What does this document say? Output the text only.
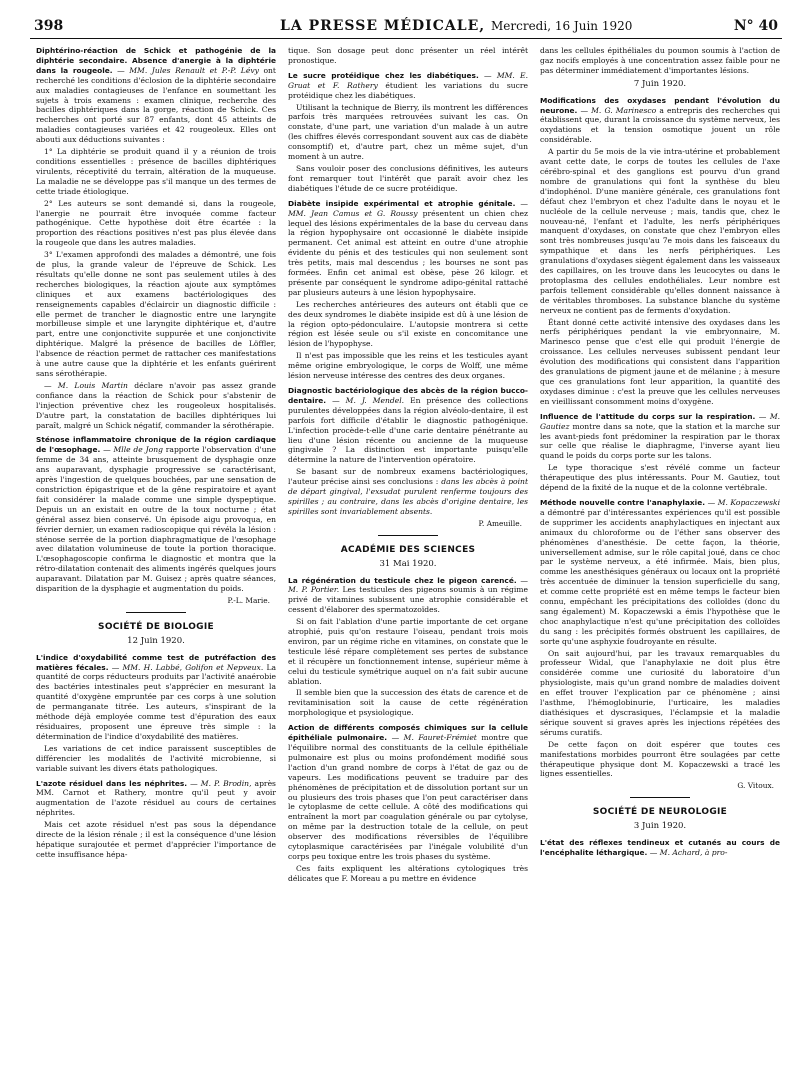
398	LA PRESSE MÉDICALE, Mercredi, 16 Juin 1920	N° 40

Diphtérino-réaction de Schick et pathogénie de la diphtérie secondaire. Absence d'anergie à la diphtérie dans la rougeole. — MM. Jules Renault et P.-P. Lévy ont recherché les conditions d'éclosion de la diphtérie secondaire aux maladies contagieuses de l'enfance en soumettant les sujets à trois examens : examen clinique, recherche des bacilles diphtériques dans la gorge, réaction de Schick. Ces recherches ont porté sur 87 enfants, dont 45 atteints de maladies contagieuses variées et 42 rougeoleux. Elles ont abouti aux déductions suivantes :

1° La diphtérie se produit quand il y a réunion de trois conditions essentielles : présence de bacilles diphtériques virulents, réceptivité du terrain, altération de la muqueuse. La maladie ne se développe pas s'il manque un des termes de cette triade étiologique.

2° Les auteurs se sont demandé si, dans la rougeole, l'anergie ne pourrait être invoquée comme facteur pathogénique. Cette hypothèse doit être écartée : la proportion des réactions positives n'est pas plus élevée dans la rougeole que dans les autres maladies.

3° L'examen approfondi des malades a démontré, une fois de plus, la grande valeur de l'épreuve de Schick. Les résultats qu'elle donne ne sont pas seulement utiles à des recherches biologiques, la réaction ajoute aux symptômes cliniques et aux examens bactériologiques des renseignements capables d'éclaircir un diagnostic difficile : elle permet de trancher le diagnostic entre une laryngite morbilleuse simple et une laryngite diphtérique et, d'autre part, entre une conjonctivite suppurée et une conjonctivite diphtérique. Malgré la présence de bacilles de Löffler, l'absence de réaction permet de rattacher ces manifestations à une autre cause que la diphtérie et les enfants guérirent sans sérothérapie.

— M. Louis Martin déclare n'avoir pas assez grande confiance dans la réaction de Schick pour s'abstenir de l'injection préventive chez les rougeoleux hospitalisés. D'autre part, la constatation de bacilles diphtériques lui paraît, malgré un Schick négatif, commander la sérothérapie.

Sténose inflammatoire chronique de la région cardiaque de l'œsophage. — Mlle de Jong rapporte l'observation d'une femme de 34 ans, atteinte brusquement de dysphagie onze ans auparavant, dysphagie progressive se caractérisant, après l'ingestion de quelques bouchées, par une sensation de constriction épigastrique et de la gêne respiratoire et ayant fait considérer la malade comme une simple dyspeptique. Depuis un an existait en outre de la toux nocturne ; état général assez bien conservé. Un épisode aigu provoqua, en février dernier, un examen radioscopique qui révéla la lésion : sténose serrée de la portion diaphragmatique de l'œsophage avec dilatation volumineuse de toute la portion thoracique. L'œsophagoscopie confirma le diagnostic et montra que la rétro-dilatation contenait des aliments ingérés quelques jours auparavant. Dilatation par M. Guisez ; après quatre séances, disparition de la dysphagie et augmentation du poids.

P.-L. Marie.
SOCIÉTÉ DE BIOLOGIE
12 Juin 1920.

L'indice d'oxydabilité comme test de putréfaction des matières fécales. — MM. H. Labbé, Golifon et Nepveux. La quantité de corps réducteurs produits par l'activité anaérobie des bactéries intestinales peut s'apprécier en mesurant la quantité d'oxygène empruntée par ces corps à une solution de permanganate titrée. Les auteurs, s'inspirant de la méthode déjà employée comme test d'épuration des eaux résiduaires, proposent une épreuve très simple : la détermination de l'indice d'oxydabilité des matières.

Les variations de cet indice paraissent susceptibles de différencier les modalités de l'activité microbienne, si variable suivant les divers états pathologiques.

L'azote résiduel dans les néphrites. — M. P. Brodin, après MM. Carnot et Rathery, montre qu'il peut y avoir augmentation de l'azote résiduel au cours de certaines néphrites.

Mais cet azote résiduel n'est pas sous la dépendance directe de la lésion rénale ; il est la conséquence d'une lésion hépatique surajoutée et permet d'apprécier l'importance de cette insuffisance hépa-

tique. Son dosage peut donc présenter un réel intérêt pronostique.

Le sucre protéidique chez les diabétiques. — MM. E. Gruat et F. Rathery étudient les variations du sucre protéidique chez les diabétiques.

Utilisant la technique de Bierry, ils montrent les différences parfois très marquées retrouvées suivant les cas. On constate, d'une part, une variation d'un malade à un autre (les chiffres élevés correspondant souvent aux cas de diabète consomptif) et, d'autre part, chez un même sujet, d'un moment à un autre.

Sans vouloir poser des conclusions définitives, les auteurs font remarquer tout l'intérêt que paraît avoir chez les diabétiques l'étude de ce sucre protéidique.

Diabète insipide expérimental et atrophie génitale. — MM. Jean Camus et G. Roussy présentent un chien chez lequel des lésions expérimentales de la base du cerveau dans la région hypophysaire ont occasionné le diabète insipide permanent. Cet animal est atteint en outre d'une atrophie évidente du pénis et des testicules qui non seulement sont très petits, mais mal descendus ; les bourses ne sont pas formées. Enfin cet animal est obèse, pèse 26 kilogr. et présente par conséquent le syndrome adipo-génital rattaché par plusieurs auteurs à une lésion hypophysaire.

Les recherches antérieures des auteurs ont établi que ce des deux syndromes le diabète insipide est dû à une lésion de la région opto-pédonculaire. L'autopsie montrera si cette région est lésée seule ou s'il existe en concomitance une lésion de l'hypophyse.

Il n'est pas impossible que les reins et les testicules ayant même origine embryologique, le corps de Wolff, une même lésion nerveuse intéresse des centres des deux organes.

Diagnostic bactériologique des abcès de la région bucco-dentaire. — M. J. Mendel. En présence des collections purulentes développées dans la région alvéolo-dentaire, il est parfois fort difficile d'établir le diagnostic pathogénique. L'infection procède-t-elle d'une carie dentaire pénétrante au lieu d'une lésion récente ou ancienne de la muqueuse gingivale ? La distinction est importante puisqu'elle détermine la nature de l'intervention opératoire.

Se basant sur de nombreux examens bactériologiques, l'auteur précise ainsi ses conclusions : dans les abcès à point de départ gingival, l'exsudat purulent renferme toujours des spirilles ; au contraire, dans les abcès d'origine dentaire, les spirilles sont invariablement absents.

P. Ameuille.
ACADÉMIE DES SCIENCES
31 Mai 1920.

La régénération du testicule chez le pigeon carencé. — M. P. Portier. Les testicules des pigeons soumis à un régime privé de vitamines subissent une atrophie considérable et cessent d'élaborer des spermatozoïdes.

Si on fait l'ablation d'une partie importante de cet organe atrophié, puis qu'on restaure l'oiseau, pendant trois mois environ, par un régime riche en vitamines, on constate que le testicule lésé répare complètement ses pertes de substance et il récupère un fonctionnement intense, supérieur même à celui du testicule symétrique auquel on n'a fait subir aucune ablation.

Il semble bien que la succession des états de carence et de revitaminisation soit la cause de cette régénération morphologique et psysiologique.

Action de différents composés chimiques sur la cellule épithéliale pulmonaire. — M. Fauret-Frémiet montre que l'équilibre normal des constituants de la cellule épithéliale pulmonaire est plus ou moins profondément modifié sous l'action d'un grand nombre de corps à l'état de gaz ou de vapeurs. Les modifications peuvent se traduire par des phénomènes de précipitation et de dissolution portant sur un ou plusieurs des trois phases que l'on peut caractériser dans le cytoplasme de cette cellule. A côté des modifications qui entraînent la mort par coagulation générale ou par cytolyse, on même par la destruction totale de la cellule, on peut observer des modifications réversibles de l'équilibre cytoplasmique caractérisées par l'inégale volubilité d'un corps peu toxique entre les trois phases du système.

Ces faits expliquent les altérations cytologiques très délicates que F. Moreau a pu mettre en évidence

dans les cellules épithéliales du poumon soumis à l'action de gaz nocifs employés à une concentration assez faible pour ne pas déterminer immédiatement d'importantes lésions.

7 Juin 1920.

Modifications des oxydases pendant l'évolution du neurone. — M. G. Marinesco a entrepris des recherches qui établissent que, durant la croissance du système nerveux, les oxydations et la tension osmotique jouent un rôle considérable.

A partir du 5e mois de la vie intra-utérine et probablement avant cette date, le corps de toutes les cellules de l'axe cérébro-spinal et des ganglions est pourvu d'un grand nombre de granulations qui font la synthèse du bleu d'indophénol. D'une manière générale, ces granulations font défaut chez l'embryon et chez l'adulte dans le noyau et le nucléole de la cellule nerveuse ; mais, tandis que, chez le nouveau-né, l'enfant et l'adulte, les nerfs périphériques manquent d'oxydases, on constate que chez l'embryon elles sont très nombreuses jusqu'au 7e mois dans les faisceaux du sympathique et dans les nerfs périphériques. Les granulations d'oxydases siègent également dans les vaisseaux des capillaires, on les trouve dans les leucocytes ou dans le protoplasma des cellules endothéliales. Leur nombre est parfois tellement considérable qu'elles donnent naissance à de véritables thromboses. La substance blanche du système nerveux ne contient pas de ferments d'oxydation.

Étant donné cette activité intensive des oxydases dans les nerfs périphériques pendant la vie embryonnaire, M. Marinesco pense que c'est elle qui produit l'énergie de croissance. Les cellules nerveuses subissent pendant leur évolution des modifications qui consistent dans l'apparition des granulations de pigment jaune et de mélanine ; à mesure que ces granulations font leur apparition, la quantité des oxydases diminue : c'est la preuve que les cellules nerveuses en vieillissant consomment moins d'oxygène.

Influence de l'attitude du corps sur la respiration. — M. Gautiez montre dans sa note, que la station et la marche sur les avant-pieds font prédominer la respiration par le thorax sur celle que réalise le diaphragme, l'inverse ayant lieu quand le poids du corps porte sur les talons.

Le type thoracique s'est révélé comme un facteur thérapeutique des plus intéressants. Pour M. Gautiez, tout dépend de la fixité de la nuque et de la colonne vertébrale.

Méthode nouvelle contre l'anaphylaxie. — M. Kopaczewski a démontré par d'intéressantes expériences qu'il est possible de supprimer les accidents anaphylactiques en injectant aux animaux du chloroforme ou de l'éther sans observer des phénomènes d'anesthésie. De cette façon, la théorie, universellement admise, sur le rôle capital joué, dans ce choc par le système nerveux, a été infirmée. Mais, bien plus, comme les anesthésiques généraux ou locaux ont la propriété très accentuée de diminuer la tension superficielle du sang, et comme cette propriété est en même temps le facteur bien connu, empêchant les précipitations des colloïdes (donc du sang également) M. Kopaczewski a émis l'hypothèse que le choc anaphylactique n'est qu'une précipitation des colloïdes du sang : les précipités formés obstruent les capillaires, de sorte qu'une asphyxie foudroyante en résulte.

On sait aujourd'hui, par les travaux remarquables du professeur Widal, que l'anaphylaxie ne doit plus être considérée comme une curiosité du laboratoire d'un physiologiste, mais qu'un grand nombre de maladies doivent en effet trouver l'explication par ce phénomène ; ainsi l'asthme, l'hémoglobinurie, l'urticaire, les maladies diathésiques et dyscrasiques, l'éclampsie et la maladie sérique souvent si graves après les injections répétées des sérums curatifs.

De cette façon on doit espérer que toutes ces manifestations morbides pourront être soulagées par cette thérapeutique physique dont M. Kopaczewski a tracé les lignes essentielles.

G. Vitoux.
SOCIÉTÉ DE NEUROLOGIE
3 Juin 1920.

L'état des réflexes tendineux et cutanés au cours de l'encéphalite léthargique. — M. Achard, à pro-
